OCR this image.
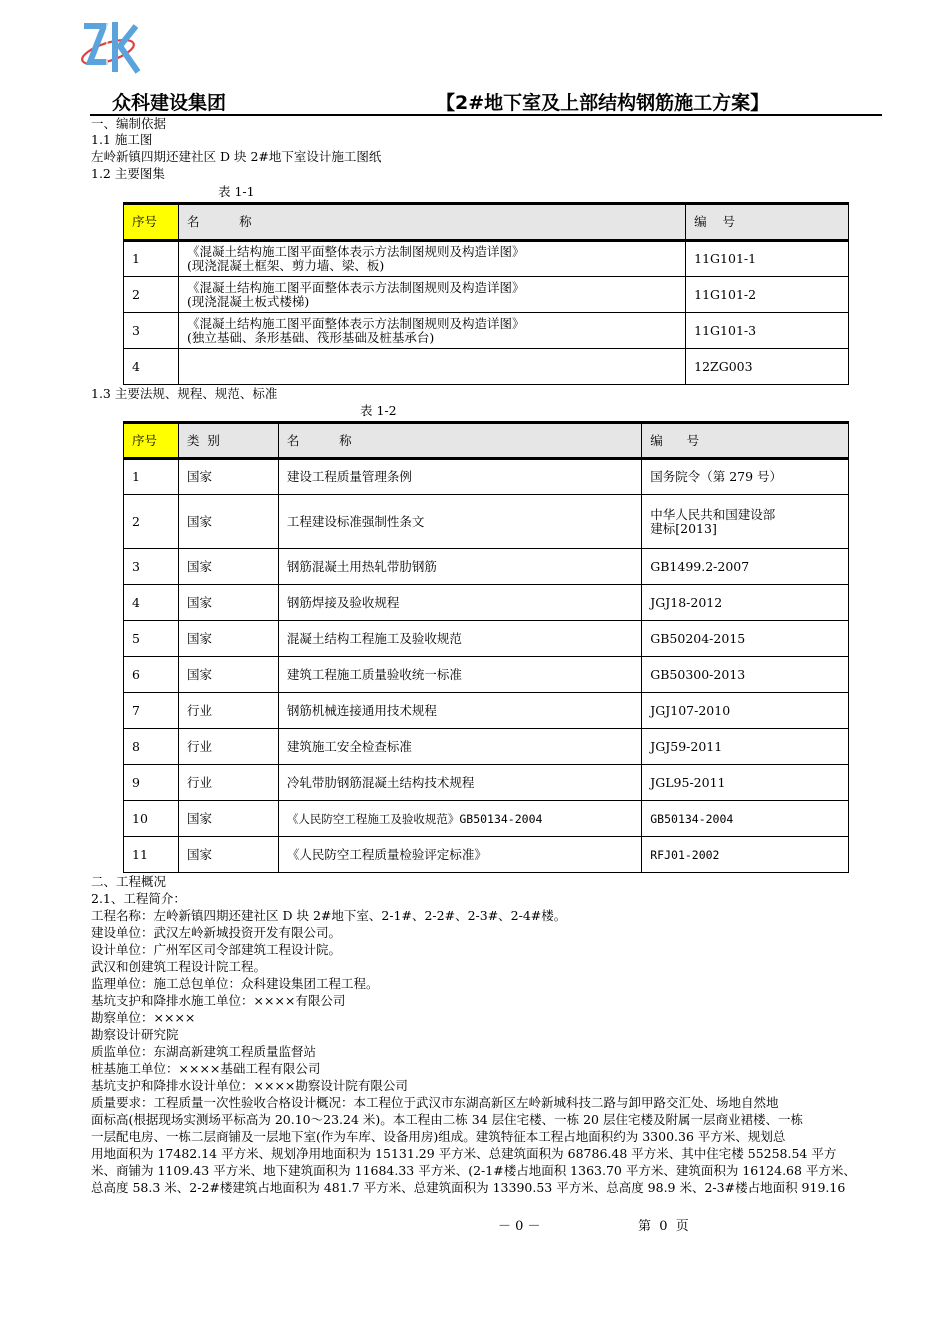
众科建设集团	【2#地下室及上部结构钢筋施工方案】
一、编制依据
1.1 施工图
左岭新镇四期还建社区 D 块 2#地下室设计施工图纸
1.2 主要图集
表 1-1
序号	名          称	编    号
1	《混凝土结构施工图平面整体表示方法制图规则及构造详图》
(现浇混凝土框架、剪力墙、梁、板)	11G101-1
2	《混凝土结构施工图平面整体表示方法制图规则及构造详图》
(现浇混凝土板式楼梯)	11G101-2
3	《混凝土结构施工图平面整体表示方法制图规则及构造详图》
(独立基础、条形基础、筏形基础及桩基承台)	11G101-3
4		12ZG003
1.3 主要法规、规程、规范、标准
表 1-2
序号	类  别	名          称	编      号
1	国家	建设工程质量管理条例	国务院令（第 279 号）
2	国家	工程建设标准强制性条文	中华人民共和国建设部
建标[2013]

3	国家	钢筋混凝土用热轧带肋钢筋	GB1499.2-2007
4	国家	钢筋焊接及验收规程	JGJ18-2012
5	国家	混凝土结构工程施工及验收规范	GB50204-2015
6	国家	建筑工程施工质量验收统一标准	GB50300-2013
7	行业	钢筋机械连接通用技术规程	JGJ107-2010
8	行业	建筑施工安全检查标准	JGJ59-2011
9	行业	冷轧带肋钢筋混凝土结构技术规程	JGL95-2011
10	国家	《人民防空工程施工及验收规范》GB50134-2004	GB50134-2004
11	国家	《人民防空工程质量检验评定标准》	RFJ01-2002
二、工程概况
2.1、工程简介：
工程名称：左岭新镇四期还建社区 D 块 2#地下室、2-1#、2-2#、2-3#、2-4#楼。
建设单位：武汉左岭新城投资开发有限公司。
设计单位：广州军区司令部建筑工程设计院。
武汉和创建筑工程设计院工程。
监理单位：施工总包单位：众科建设集团工程工程。
基坑支护和降排水施工单位：××××有限公司
勘察单位：××××
勘察设计研究院
质监单位：东湖高新建筑工程质量监督站
桩基施工单位：××××基础工程有限公司
基坑支护和降排水设计单位：××××勘察设计院有限公司
质量要求：工程质量一次性验收合格设计概况：本工程位于武汉市东湖高新区左岭新城科技二路与卸甲路交汇处、场地自然地
面标高(根据现场实测场平标高为 20.10～23.24 米)。本工程由二栋 34 层住宅楼、一栋 20 层住宅楼及附属一层商业裙楼、一栋
一层配电房、一栋二层商铺及一层地下室(作为车库、设备用房)组成。建筑特征本工程占地面积约为 3300.36 平方米、规划总
用地面积为 17482.14 平方米、规划净用地面积为 15131.29 平方米、总建筑面积为 68786.48 平方米、其中住宅楼 55258.54 平方
米、商铺为 1109.43 平方米、地下建筑面积为 11684.33 平方米、(2-1#楼占地面积 1363.70 平方米、建筑面积为 16124.68 平方米、
总高度 58.3 米、2-2#楼建筑占地面积为 481.7 平方米、总建筑面积为 13390.53 平方米、总高度 98.9 米、2-3#楼占地面积 919.16
－ 0 －	第  0  页
